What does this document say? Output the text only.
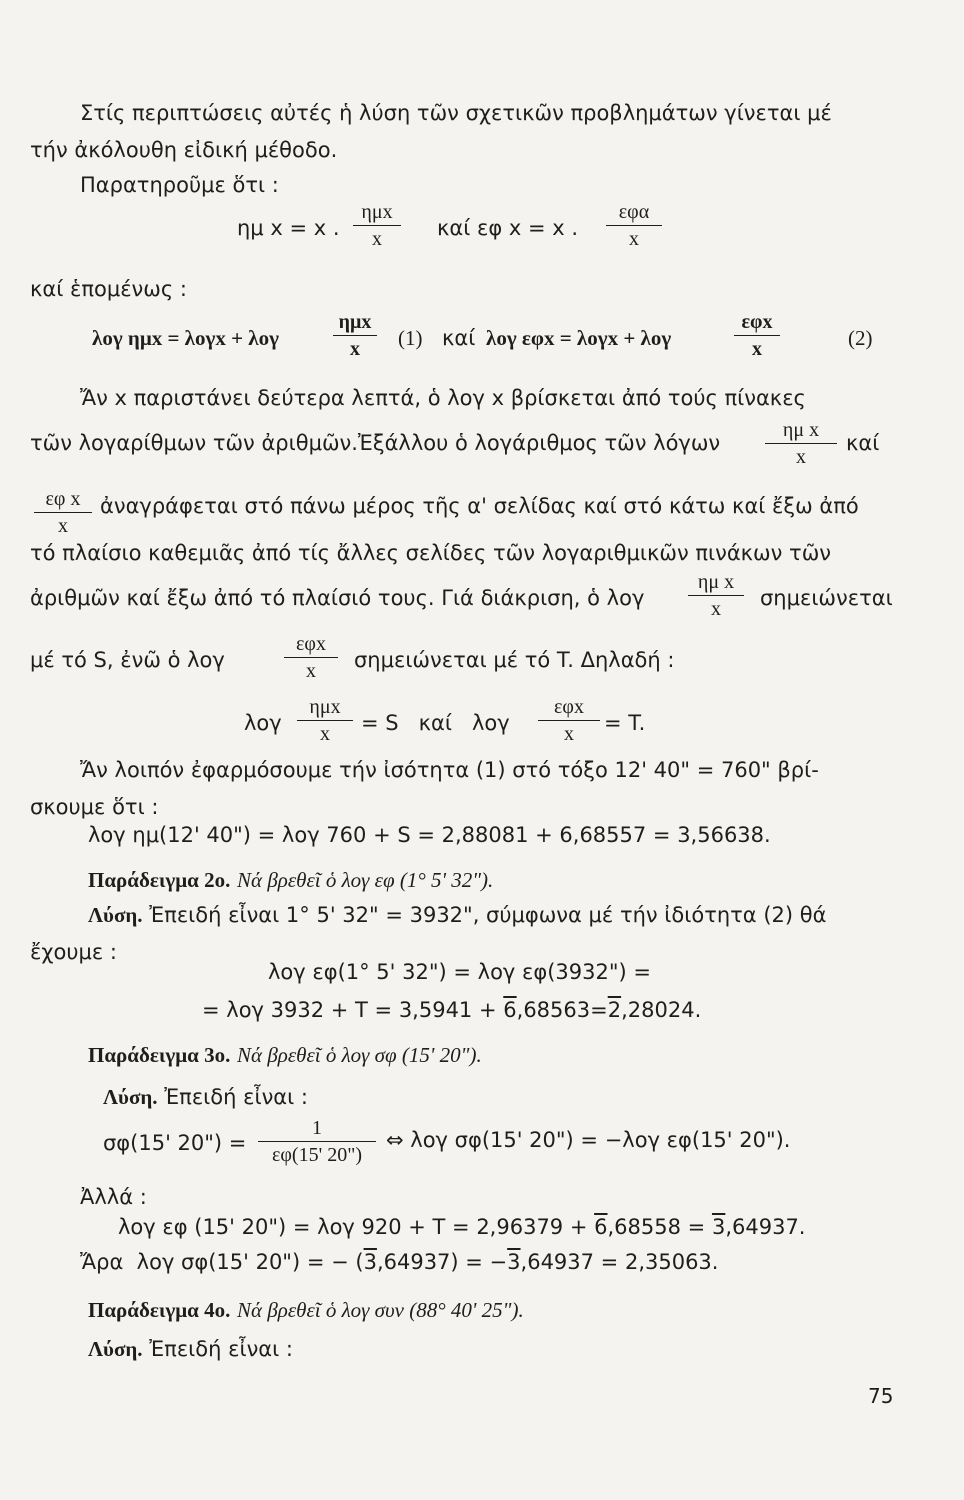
Στίς περιπτώσεις αὐτές ἡ λύση τῶν σχετικῶν προβλημάτων γίνεται μέ
τήν ἀκόλουθη εἰδική μέθοδο.
Παρατηροῦμε ὅτι :
ημ x = x .
ημx
x	καί εφ x = x .
εφα
x
καί ἑπομένως :
λογ ημx = λογx + λογ
ημx
x	(1) καί λογ εφx = λογx + λογ
εφx
x	(2)
Ἄν x παριστάνει δεύτερα λεπτά, ὁ λογ x βρίσκεται ἀπό τούς πίνακες
τῶν λογαρίθμων τῶν ἀριθμῶν.Ἐξάλλου ὁ λογάριθμος τῶν λόγων
ημ x
x
καί
εφ x
x
ἀναγράφεται στό πάνω μέρος τῆς α' σελίδας καί στό κάτω καί ἔξω ἀπό
τό πλαίσιο καθεμιᾶς ἀπό τίς ἄλλες σελίδες τῶν λογαριθμικῶν πινάκων τῶν
ἀριθμῶν καί ἔξω ἀπό τό πλαίσιό τους. Γιά διάκριση, ὁ λογ
ημ x
x	σημειώνεται
μέ τό S, ἐνῶ ὁ λογ
εφx
x	σημειώνεται μέ τό T. Δηλαδή :
λογ
ημx
x	= S   καί   λογ
εφx
x	= T.
Ἄν λοιπόν ἐφαρμόσουμε τήν ἰσότητα (1) στό τόξο 12' 40" = 760" βρί-
σκουμε ὅτι :
λογ ημ(12' 40") = λογ 760 + S = 2,88081 + 6,68557 = 3,56638.
Παράδειγμα 2ο. Νά βρεθεῖ ὁ λογ εφ (1° 5' 32").
Λύση. Ἐπειδή εἶναι 1° 5' 32" = 3932", σύμφωνα μέ τήν ἰδιότητα (2) θά
ἔχουμε :
λογ εφ(1° 5' 32") = λογ εφ(3932") =
= λογ 3932 + T = 3,5941 + 6,68563=2,28024.
Παράδειγμα 3ο. Νά βρεθεῖ ὁ λογ σφ (15' 20").
Λύση. Ἐπειδή εἶναι :
σφ(15' 20") =
1
εφ(15' 20")
⇔ λογ σφ(15' 20") = −λογ εφ(15' 20").
Ἀλλά :
λογ εφ (15' 20") = λογ 920 + T = 2,96379 + 6,68558 = 3,64937.
Ἄρα  λογ σφ(15' 20") = − (3,64937) = −3,64937 = 2,35063.
Παράδειγμα 4ο. Νά βρεθεῖ ὁ λογ συν (88° 40' 25").
Λύση. Ἐπειδή εἶναι :
75
